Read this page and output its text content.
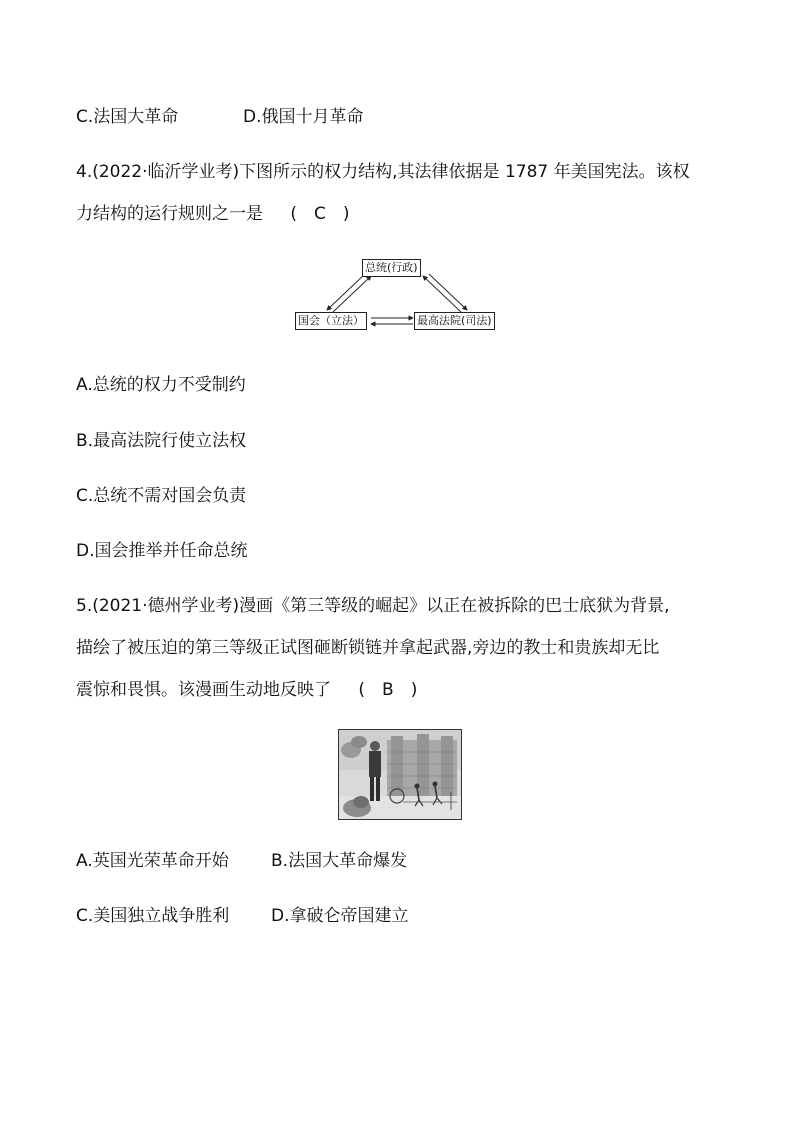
C.法国大革命	D.俄国十月革命
4.(2022·临沂学业考)下图所示的权力结构,其法律依据是 1787 年美国宪法。该权
力结构的运行规则之一是 (　C　)
总统(行政)
国会（立法）	最高法院(司法)
A.总统的权力不受制约
B.最高法院行使立法权
C.总统不需对国会负责
D.国会推举并任命总统
5.(2021·德州学业考)漫画《第三等级的崛起》以正在被拆除的巴士底狱为背景,
描绘了被压迫的第三等级正试图砸断锁链并拿起武器,旁边的教士和贵族却无比
震惊和畏惧。该漫画生动地反映了 (　B　)
A.英国光荣革命开始 B.法国大革命爆发
C.美国独立战争胜利 D.拿破仑帝国建立
